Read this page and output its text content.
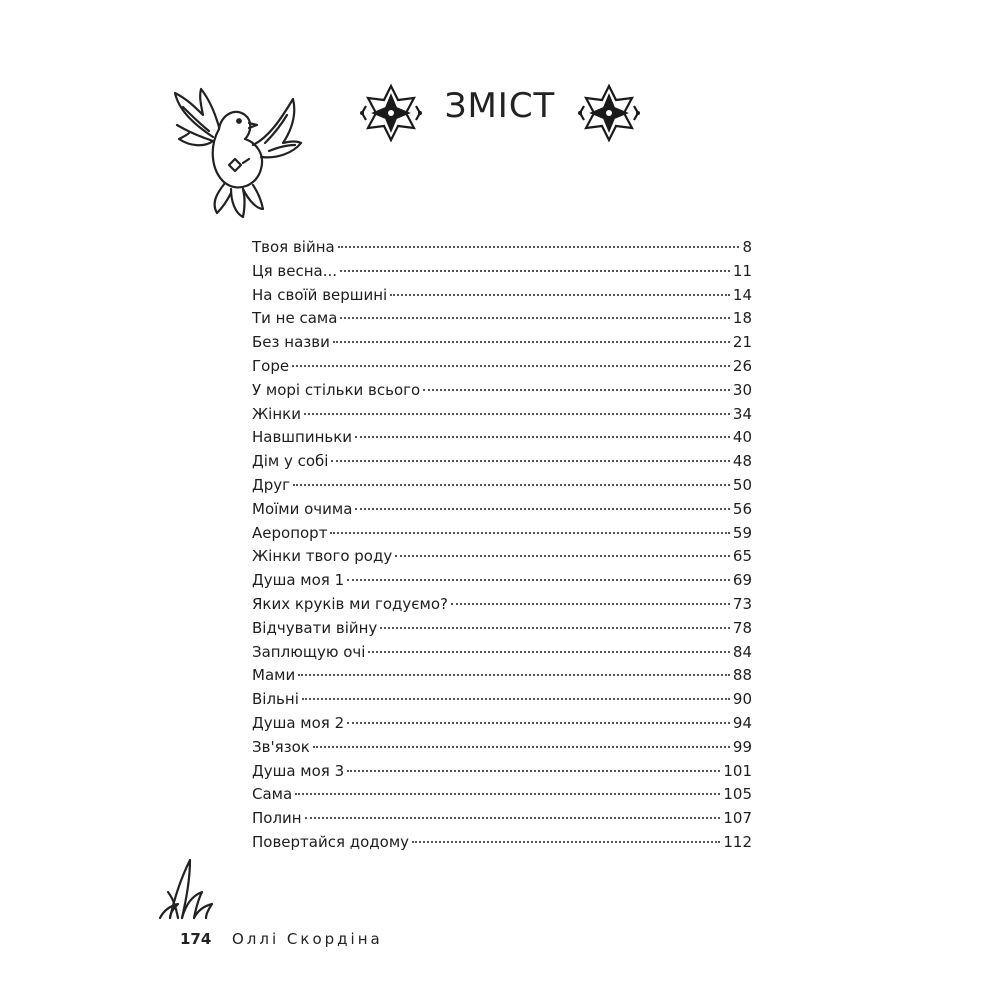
ЗМІСТ
Твоя війна	8
Ця весна...	11
На своїй вершині	14
Ти не сама	18
Без назви	21
Горе	26
У морі стільки всього	30
Жінки	34
Навшпиньки	40
Дім у собі	48
Друг	50
Моїми очима	56
Аеропорт	59
Жінки твого роду	65
Душа моя 1	69
Яких круків ми годуємо?	73
Відчувати війну	78
Заплющую очі	84
Мами	88
Вільні	90
Душа моя 2	94
Зв'язок	99
Душа моя 3	101
Сама	105
Полин	107
Повертайся додому	112
174 Оллі Скордіна
